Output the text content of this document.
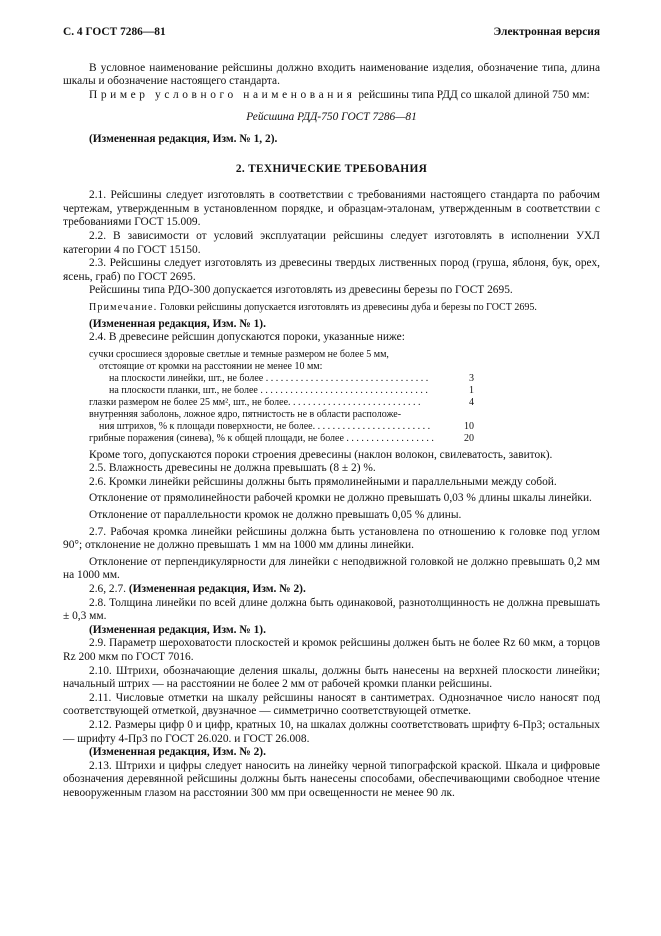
С. 4 ГОСТ 7286—81	Электронная версия

В условное наименование рейсшины должно входить наименование изделия, обозначение типа, длина шкалы и обозначение настоящего стандарта.

Пример условного наименования рейсшины типа РДД со шкалой длиной 750 мм:

Рейсшина РДД-750 ГОСТ 7286—81

(Измененная редакция, Изм. № 1, 2).

2. ТЕХНИЧЕСКИЕ ТРЕБОВАНИЯ

2.1. Рейсшины следует изготовлять в соответствии с требованиями настоящего стандарта по рабочим чертежам, утвержденным в установленном порядке, и образцам-эталонам, утвержденным в соответствии с требованиями ГОСТ 15.009.

2.2. В зависимости от условий эксплуатации рейсшины следует изготовлять в исполнении УХЛ категории 4 по ГОСТ 15150.

2.3. Рейсшины следует изготовлять из древесины твердых лиственных пород (груша, яблоня, бук, орех, ясень, граб) по ГОСТ 2695.

Рейсшины типа РДО-300 допускается изготовлять из древесины березы по ГОСТ 2695.

Примечание. Головки рейсшины допускается изготовлять из древесины дуба и березы по ГОСТ 2695.

(Измененная редакция, Изм. № 1).

2.4. В древесине рейсшин допускаются пороки, указанные ниже:

сучки сросшиеся здоровые светлые и темные размером не более 5 мм,
отстоящие от кромки на расстоянии не менее 10 мм:
на плоскости линейки, шт., не более . . . . . . . . . . . . . . . . . . . . . . . . . . . . . . . . .	3
на плоскости планки, шт., не более . . . . . . . . . . . . . . . . . . . . . . . . . . . . . . . . . .	1
глазки размером не более 25 мм², шт., не более. . . . . . . . . . . . . . . . . . . . . . . . . . .	4
внутренняя заболонь, ложное ядро, пятнистость не в области расположе-
ния штрихов, % к площади поверхности, не более. . . . . . . . . . . . . . . . . . . . . . . .	10
грибные поражения (синева), % к общей площади, не более . . . . . . . . . . . . . . . . . .	20

Кроме того, допускаются пороки строения древесины (наклон волокон, свилеватость, завиток).

2.5. Влажность древесины не должна превышать (8 ± 2) %.

2.6. Кромки линейки рейсшины должны быть прямолинейными и параллельными между собой.

Отклонение от прямолинейности рабочей кромки не должно превышать 0,03 % длины шкалы линейки.

Отклонение от параллельности кромок не должно превышать 0,05 % длины.

2.7. Рабочая кромка линейки рейсшины должна быть установлена по отношению к головке под углом 90°; отклонение не должно превышать 1 мм на 1000 мм длины линейки.

Отклонение от перпендикулярности для линейки с неподвижной головкой не должно превышать 0,2 мм на 1000 мм.

2.6, 2.7. (Измененная редакция, Изм. № 2).

2.8. Толщина линейки по всей длине должна быть одинаковой, разнотолщинность не должна превышать ± 0,3 мм.

(Измененная редакция, Изм. № 1).

2.9. Параметр шероховатости плоскостей и кромок рейсшины должен быть не более Rz 60 мкм, а торцов Rz 200 мкм по ГОСТ 7016.

2.10. Штрихи, обозначающие деления шкалы, должны быть нанесены на верхней плоскости линейки; начальный штрих — на расстоянии не более 2 мм от рабочей кромки планки рейсшины.

2.11. Числовые отметки на шкалу рейсшины наносят в сантиметрах. Однозначное число наносят под соответствующей отметкой, двузначное — симметрично соответствующей отметке.

2.12. Размеры цифр 0 и цифр, кратных 10, на шкалах должны соответствовать шрифту 6-Пр3; остальных — шрифту 4-Пр3 по ГОСТ 26.020. и ГОСТ 26.008.

(Измененная редакция, Изм. № 2).

2.13. Штрихи и цифры следует наносить на линейку черной типографской краской. Шкала и цифровые обозначения деревянной рейсшины должны быть нанесены способами, обеспечивающими свободное чтение невооруженным глазом на расстоянии 300 мм при освещенности не менее 90 лк.
